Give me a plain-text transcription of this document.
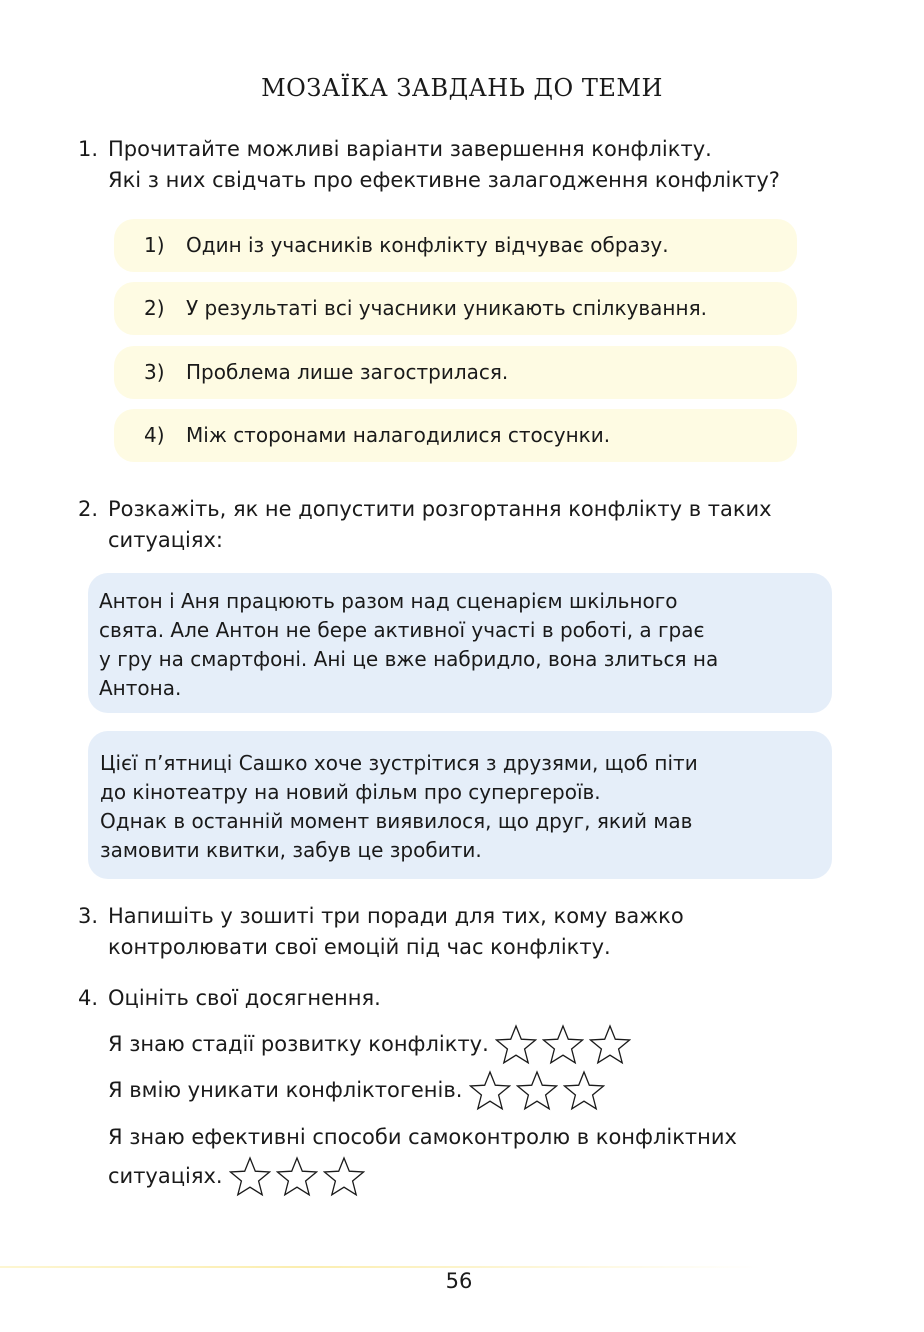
МОЗАЇКА ЗАВДАНЬ ДО ТЕМИ
1. Прочитайте можливі варіанти завершення конфлікту.
Які з них свідчать про ефективне залагодження конфлікту?
1) Один із учасників конфлікту відчуває образу.
2) У результаті всі учасники уникають спілкування.
3) Проблема лише загострилася.
4) Між сторонами налагодилися стосунки.
2. Розкажіть, як не допустити розгортання конфлікту в таких
ситуаціях:
Антон і Аня працюють разом над сценарієм шкільного
свята. Але Антон не бере активної участі в роботі, а грає
у гру на смартфоні. Ані це вже набридло, вона злиться на
Антона.
Цієї п’ятниці Сашко хоче зустрітися з друзями, щоб піти
до кінотеатру на новий фільм про супергероїв.
Однак в останній момент виявилося, що друг, який мав
замовити квитки, забув це зробити.
3. Напишіть у зошиті три поради для тих, кому важко
контролювати свої емоцій під час конфлікту.
4. Оцініть свої досягнення.
Я знаю стадії розвитку конфлікту.
Я вмію уникати конфліктогенів.
Я знаю ефективні способи самоконтролю в конфліктних
ситуаціях.
56
